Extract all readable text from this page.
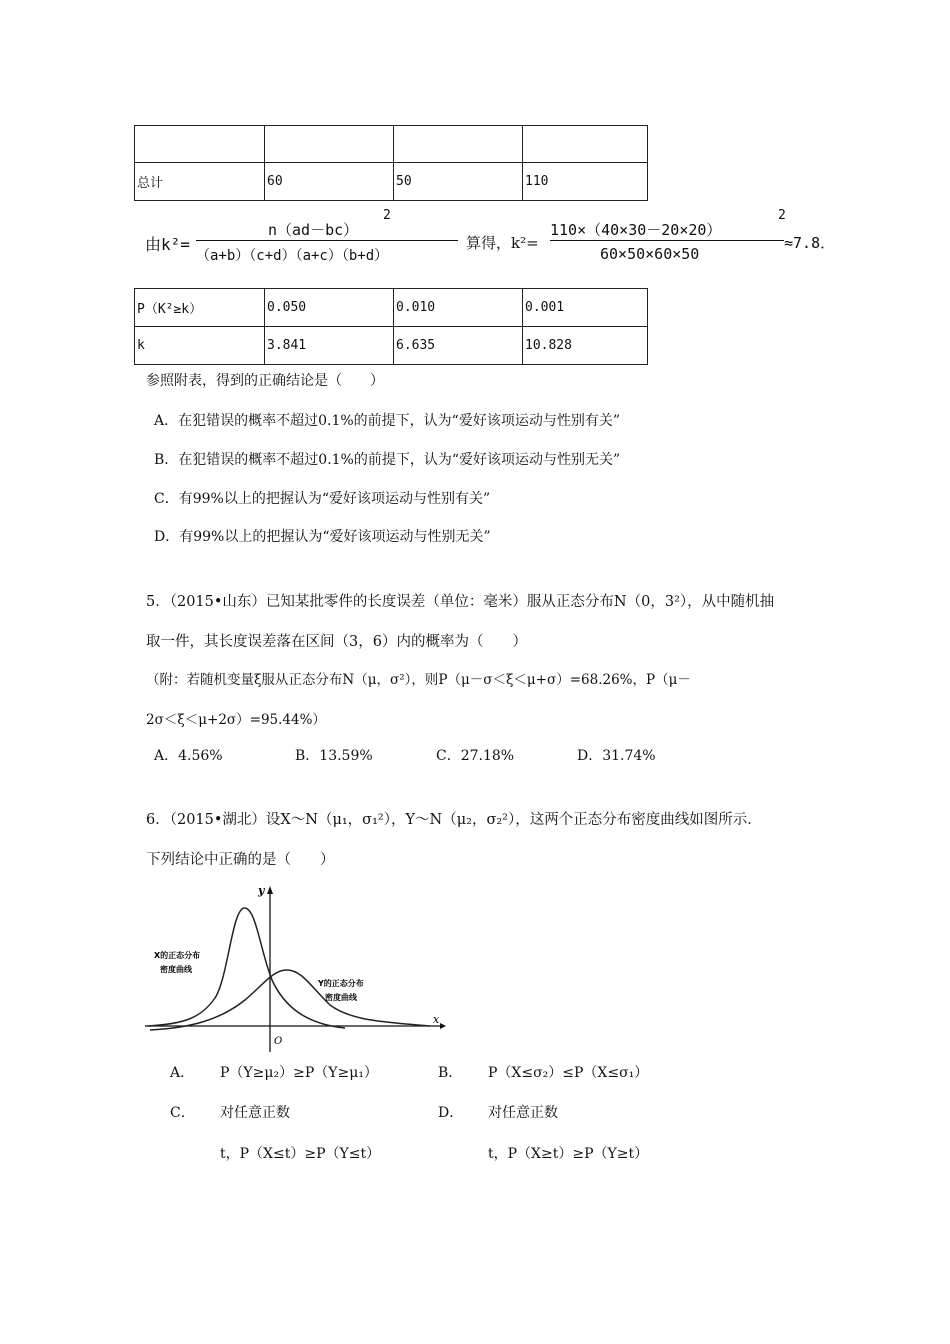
总计	60	50	110
由k²=
n（ad－bc）
2
（a+b）（c+d）（a+c）（b+d）
算得，k²=
110×（40×30－20×20）
2
60×50×60×50
≈7.8．
P（K²≥k）	0.050	0.010	0.001
k	3.841	6.635	10.828
参照附表，得到的正确结论是（　　）
A．在犯错误的概率不超过0.1%的前提下，认为“爱好该项运动与性别有关”
B．在犯错误的概率不超过0.1%的前提下，认为“爱好该项运动与性别无关”
C．有99%以上的把握认为“爱好该项运动与性别有关”
D．有99%以上的把握认为“爱好该项运动与性别无关”
5．（2015•山东）已知某批零件的长度误差（单位：毫米）服从正态分布N（0，3²），从中随机抽
取一件，其长度误差落在区间（3，6）内的概率为（　　）
（附：若随机变量ξ服从正态分布N（μ，σ²），则P（μ－σ＜ξ＜μ+σ）=68.26%，P（μ－
2σ＜ξ＜μ+2σ）=95.44%）
A．4.56%	B．13.59%	C．27.18%	D．31.74%
6．（2015•湖北）设X～N（μ₁，σ₁²），Y～N（μ₂，σ₂²），这两个正态分布密度曲线如图所示．
下列结论中正确的是（　　）
y
x
O
X的正态分布
密度曲线
Y的正态分布
密度曲线
A． P（Y≥μ₂）≥P（Y≥μ₁）	B． P（X≤σ₂）≤P（X≤σ₁）
C． 对任意正数
t，P（X≤t）≥P（Y≤t）
D． 对任意正数
t，P（X≥t）≥P（Y≥t）
